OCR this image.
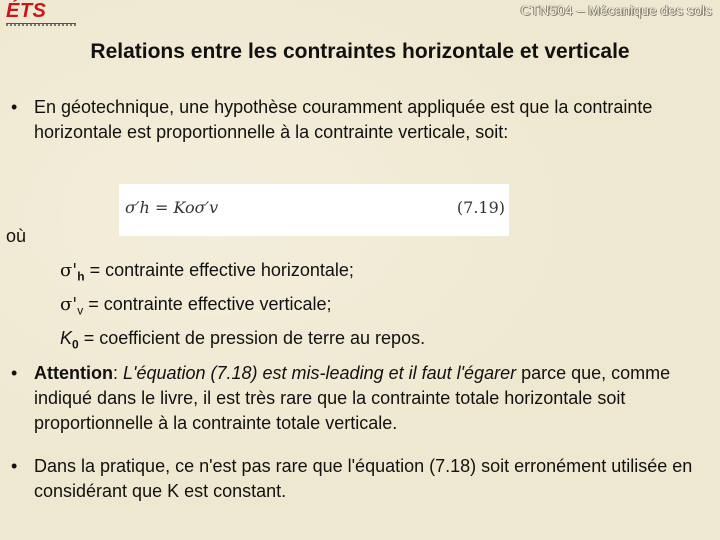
ÉTS	CTN504 – Mécanique des sols
Relations entre les contraintes horizontale et verticale
• En géotechnique, une hypothèse couramment appliquée est que la contrainte horizontale est proportionnelle à la contrainte verticale, soit:
σ′h = Koσ′v	(7.19)
où
$\sigma'_h$ = contrainte effective horizontale;
$\sigma'_v$ = contrainte effective verticale;
$K_0$ = coefficient de pression de terre au repos.
• Attention: L'équation (7.18) est mis-leading et il faut l'égarer parce que, comme indiqué dans le livre, il est très rare que la contrainte totale horizontale soit proportionnelle à la contrainte totale verticale.
• Dans la pratique, ce n'est pas rare que l'équation (7.18) soit erronément utilisée en considérant que K est constant.
